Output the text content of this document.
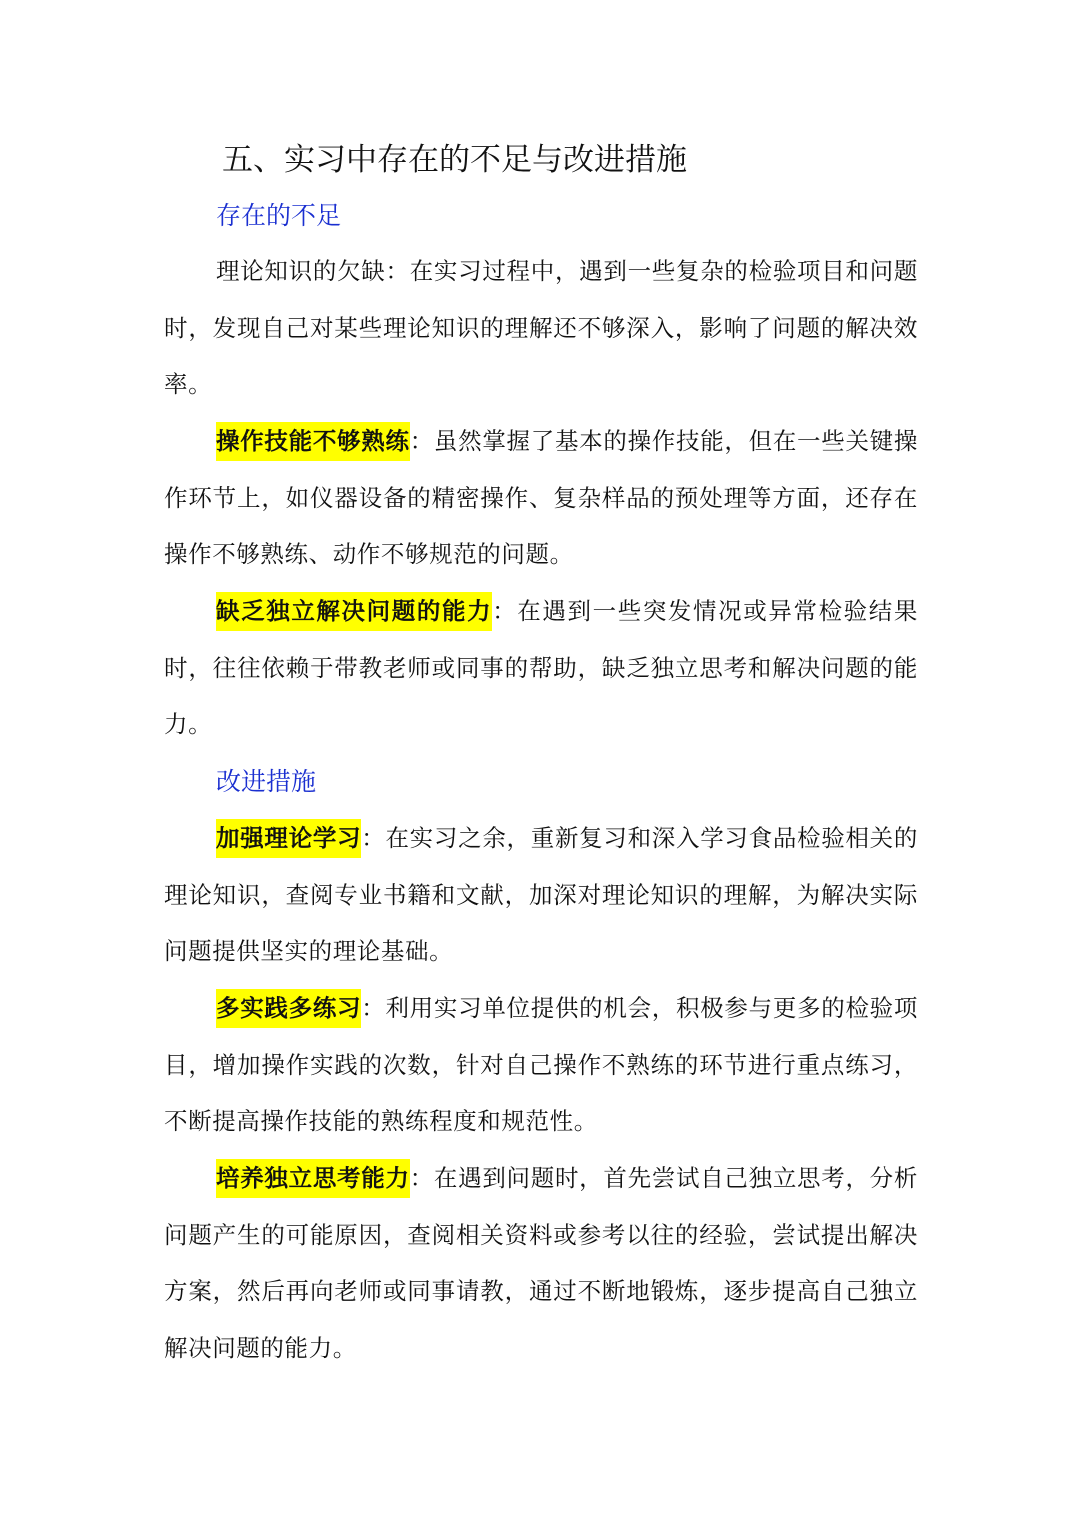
五、实习中存在的不足与改进措施
存在的不足

理论知识的欠缺：在实习过程中，遇到一些复杂的检验项目和问题时，发现自己对某些理论知识的理解还不够深入，影响了问题的解决效率。

操作技能不够熟练：虽然掌握了基本的操作技能，但在一些关键操作环节上，如仪器设备的精密操作、复杂样品的预处理等方面，还存在操作不够熟练、动作不够规范的问题。

缺乏独立解决问题的能力：在遇到一些突发情况或异常检验结果时，往往依赖于带教老师或同事的帮助，缺乏独立思考和解决问题的能力。

改进措施

加强理论学习：在实习之余，重新复习和深入学习食品检验相关的理论知识，查阅专业书籍和文献，加深对理论知识的理解，为解决实际问题提供坚实的理论基础。

多实践多练习：利用实习单位提供的机会，积极参与更多的检验项目，增加操作实践的次数，针对自己操作不熟练的环节进行重点练习，不断提高操作技能的熟练程度和规范性。

培养独立思考能力：在遇到问题时，首先尝试自己独立思考，分析问题产生的可能原因，查阅相关资料或参考以往的经验，尝试提出解决方案，然后再向老师或同事请教，通过不断地锻炼，逐步提高自己独立解决问题的能力。
